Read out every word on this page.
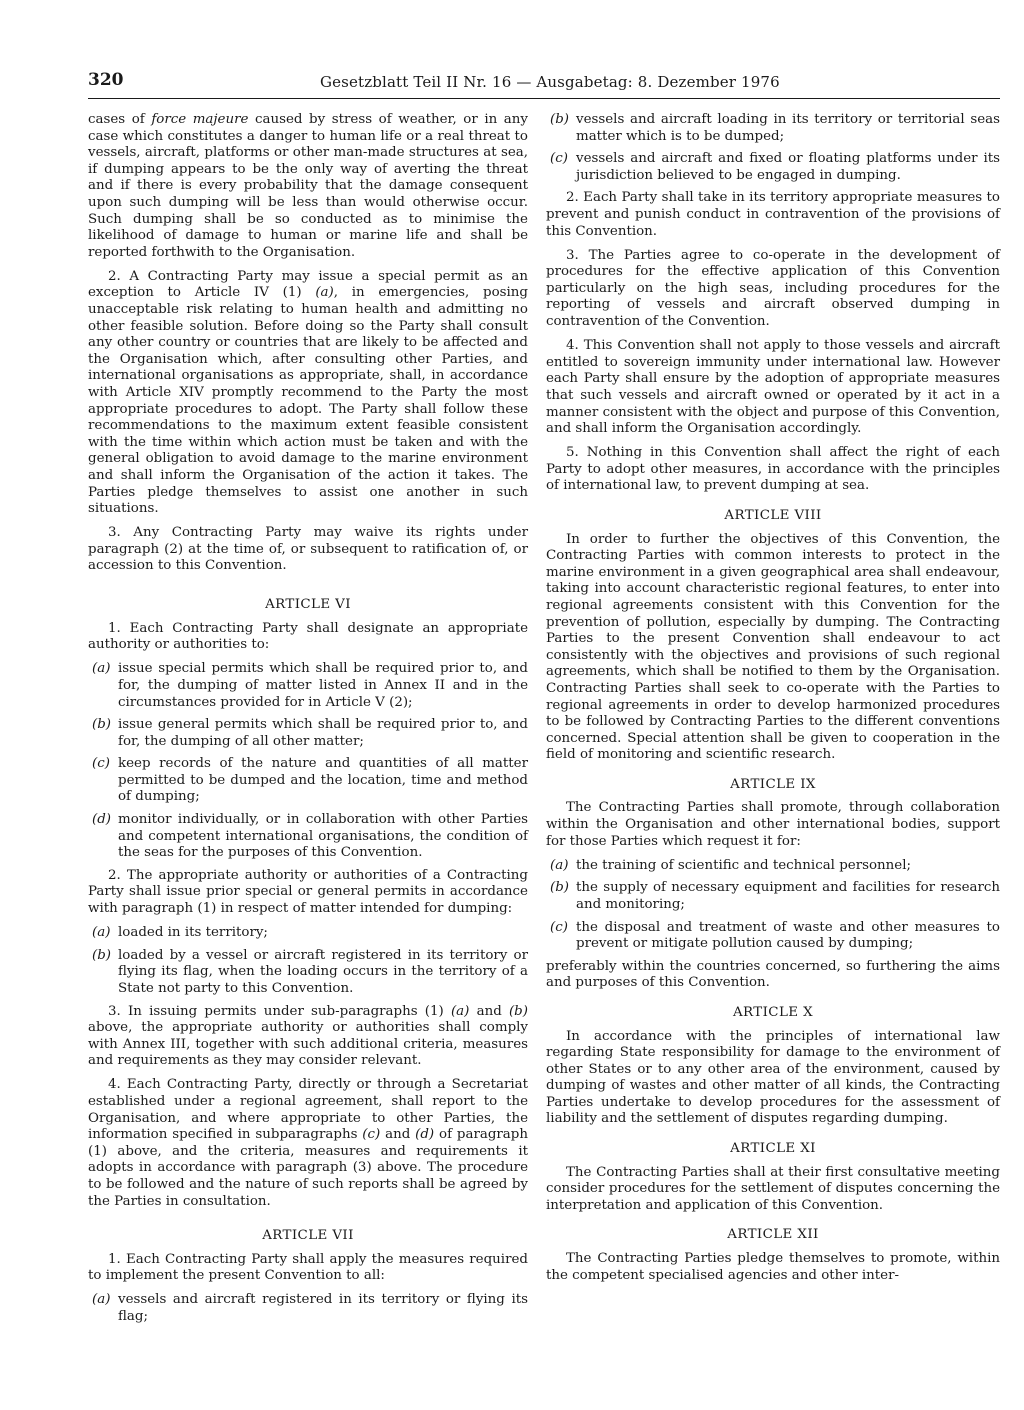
320	Gesetzblatt Teil II Nr. 16 — Ausgabetag: 8. Dezember 1976

cases of force majeure caused by stress of weather, or in any case which constitutes a danger to human life or a real threat to vessels, aircraft, platforms or other man-made structures at sea, if dumping appears to be the only way of averting the threat and if there is every probability that the damage consequent upon such dumping will be less than would otherwise occur. Such dumping shall be so conducted as to minimise the likelihood of damage to human or marine life and shall be reported forthwith to the Organisation.

2. A Contracting Party may issue a special permit as an exception to Article IV (1) (a), in emergencies, posing unacceptable risk relating to human health and admitting no other feasible solution. Before doing so the Party shall consult any other country or countries that are likely to be affected and the Organisation which, after consulting other Parties, and international organisations as appropriate, shall, in accordance with Article XIV promptly recommend to the Party the most appropriate procedures to adopt. The Party shall follow these recommendations to the maximum extent feasible consistent with the time within which action must be taken and with the general obligation to avoid damage to the marine environment and shall inform the Organisation of the action it takes. The Parties pledge themselves to assist one another in such situations.

3. Any Contracting Party may waive its rights under paragraph (2) at the time of, or subsequent to ratification of, or accession to this Convention.

ARTICLE VI

1. Each Contracting Party shall designate an appropriate authority or authorities to:

(a) issue special permits which shall be required prior to, and for, the dumping of matter listed in Annex II and in the circumstances provided for in Article V (2);
(b) issue general permits which shall be required prior to, and for, the dumping of all other matter;
(c) keep records of the nature and quantities of all matter permitted to be dumped and the location, time and method of dumping;
(d) monitor individually, or in collaboration with other Parties and competent international organisations, the condition of the seas for the purposes of this Convention.

2. The appropriate authority or authorities of a Contracting Party shall issue prior special or general permits in accordance with paragraph (1) in respect of matter intended for dumping:

(a) loaded in its territory;
(b) loaded by a vessel or aircraft registered in its territory or flying its flag, when the loading occurs in the territory of a State not party to this Convention.

3. In issuing permits under sub-paragraphs (1) (a) and (b) above, the appropriate authority or authorities shall comply with Annex III, together with such additional criteria, measures and requirements as they may consider relevant.

4. Each Contracting Party, directly or through a Secretariat established under a regional agreement, shall report to the Organisation, and where appropriate to other Parties, the information specified in subparagraphs (c) and (d) of paragraph (1) above, and the criteria, measures and requirements it adopts in accordance with paragraph (3) above. The procedure to be followed and the nature of such reports shall be agreed by the Parties in consultation.

ARTICLE VII

1. Each Contracting Party shall apply the measures required to implement the present Convention to all:

(a) vessels and aircraft registered in its territory or flying its flag;
(b) vessels and aircraft loading in its territory or territorial seas matter which is to be dumped;
(c) vessels and aircraft and fixed or floating platforms under its jurisdiction believed to be engaged in dumping.

2. Each Party shall take in its territory appropriate measures to prevent and punish conduct in contravention of the provisions of this Convention.

3. The Parties agree to co-operate in the development of procedures for the effective application of this Convention particularly on the high seas, including procedures for the reporting of vessels and aircraft observed dumping in contravention of the Convention.

4. This Convention shall not apply to those vessels and aircraft entitled to sovereign immunity under international law. However each Party shall ensure by the adoption of appropriate measures that such vessels and aircraft owned or operated by it act in a manner consistent with the object and purpose of this Convention, and shall inform the Organisation accordingly.

5. Nothing in this Convention shall affect the right of each Party to adopt other measures, in accordance with the principles of international law, to prevent dumping at sea.

ARTICLE VIII

In order to further the objectives of this Convention, the Contracting Parties with common interests to protect in the marine environment in a given geographical area shall endeavour, taking into account characteristic regional features, to enter into regional agreements consistent with this Convention for the prevention of pollution, especially by dumping. The Contracting Parties to the present Convention shall endeavour to act consistently with the objectives and provisions of such regional agreements, which shall be notified to them by the Organisation. Contracting Parties shall seek to co-operate with the Parties to regional agreements in order to develop harmonized procedures to be followed by Contracting Parties to the different conventions concerned. Special attention shall be given to cooperation in the field of monitoring and scientific research.

ARTICLE IX

The Contracting Parties shall promote, through collaboration within the Organisation and other international bodies, support for those Parties which request it for:

(a) the training of scientific and technical personnel;
(b) the supply of necessary equipment and facilities for research and monitoring;
(c) the disposal and treatment of waste and other measures to prevent or mitigate pollution caused by dumping;

preferably within the countries concerned, so furthering the aims and purposes of this Convention.

ARTICLE X

In accordance with the principles of international law regarding State responsibility for damage to the environment of other States or to any other area of the environment, caused by dumping of wastes and other matter of all kinds, the Contracting Parties undertake to develop procedures for the assessment of liability and the settlement of disputes regarding dumping.

ARTICLE XI

The Contracting Parties shall at their first consultative meeting consider procedures for the settlement of disputes concerning the interpretation and application of this Convention.

ARTICLE XII

The Contracting Parties pledge themselves to promote, within the competent specialised agencies and other inter-
